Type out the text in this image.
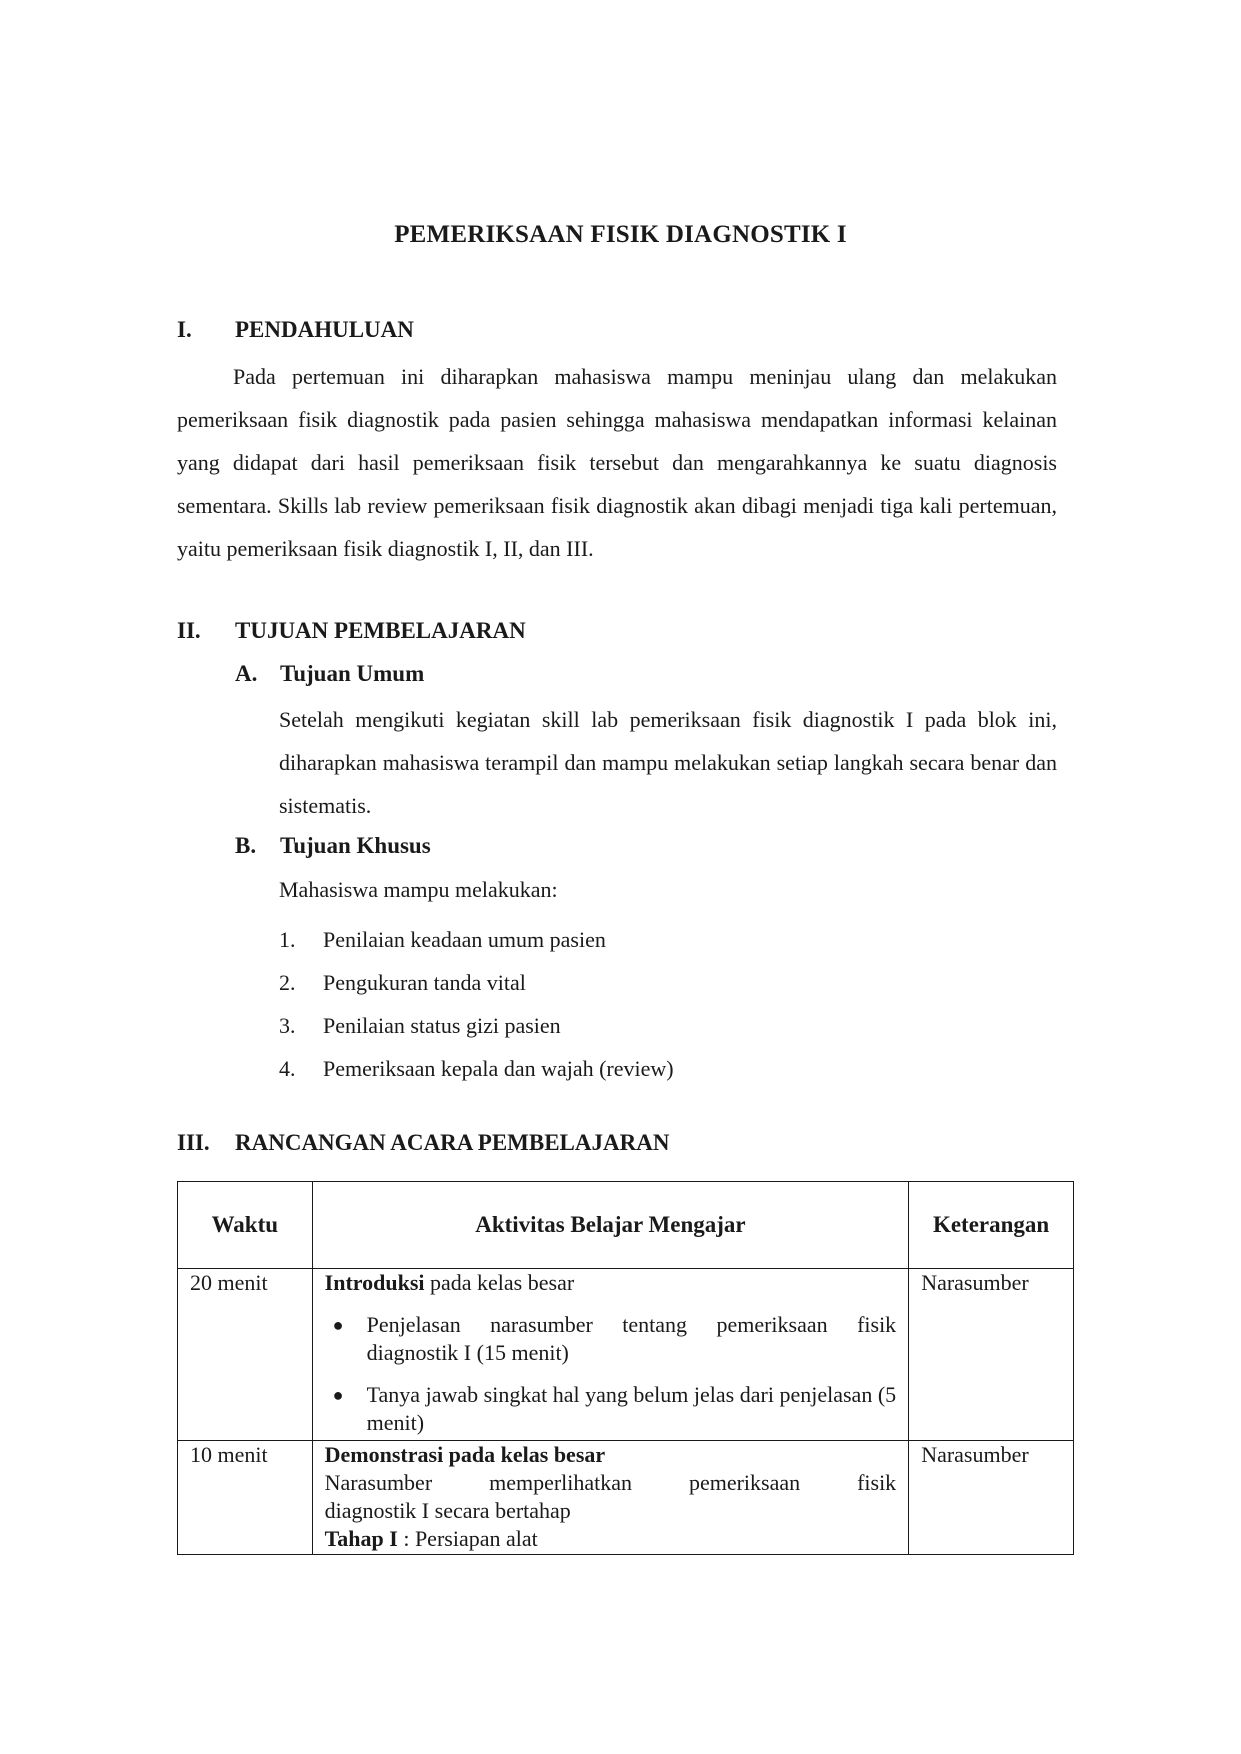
PEMERIKSAAN FISIK DIAGNOSTIK I
I. PENDAHULUAN

Pada pertemuan ini diharapkan mahasiswa mampu meninjau ulang dan melakukan pemeriksaan fisik diagnostik pada pasien sehingga mahasiswa mendapatkan informasi kelainan yang didapat dari hasil pemeriksaan fisik tersebut dan mengarahkannya ke suatu diagnosis sementara. Skills lab review pemeriksaan fisik diagnostik akan dibagi menjadi tiga kali pertemuan, yaitu pemeriksaan fisik diagnostik I, II, dan III.

II. TUJUAN PEMBELAJARAN
A. Tujuan Umum

Setelah mengikuti kegiatan skill lab pemeriksaan fisik diagnostik I pada blok ini, diharapkan mahasiswa terampil dan mampu melakukan setiap langkah secara benar dan sistematis.

B. Tujuan Khusus
Mahasiswa mampu melakukan:
1. Penilaian keadaan umum pasien
2. Pengukuran tanda vital
3. Penilaian status gizi pasien
4. Pemeriksaan kepala dan wajah (review)
III. RANCANGAN ACARA PEMBELAJARAN
Waktu	Aktivitas Belajar Mengajar	Keterangan
20 menit	Introduksi pada kelas besar
● Penjelasan narasumber tentang pemeriksaan fisik diagnostik I (15 menit)
● Tanya jawab singkat hal yang belum jelas dari penjelasan (5 menit)	Narasumber
10 menit	Demonstrasi pada kelas besar
Narasumber memperlihatkan pemeriksaan fisik
diagnostik I secara bertahap
Tahap I : Persiapan alat	Narasumber
